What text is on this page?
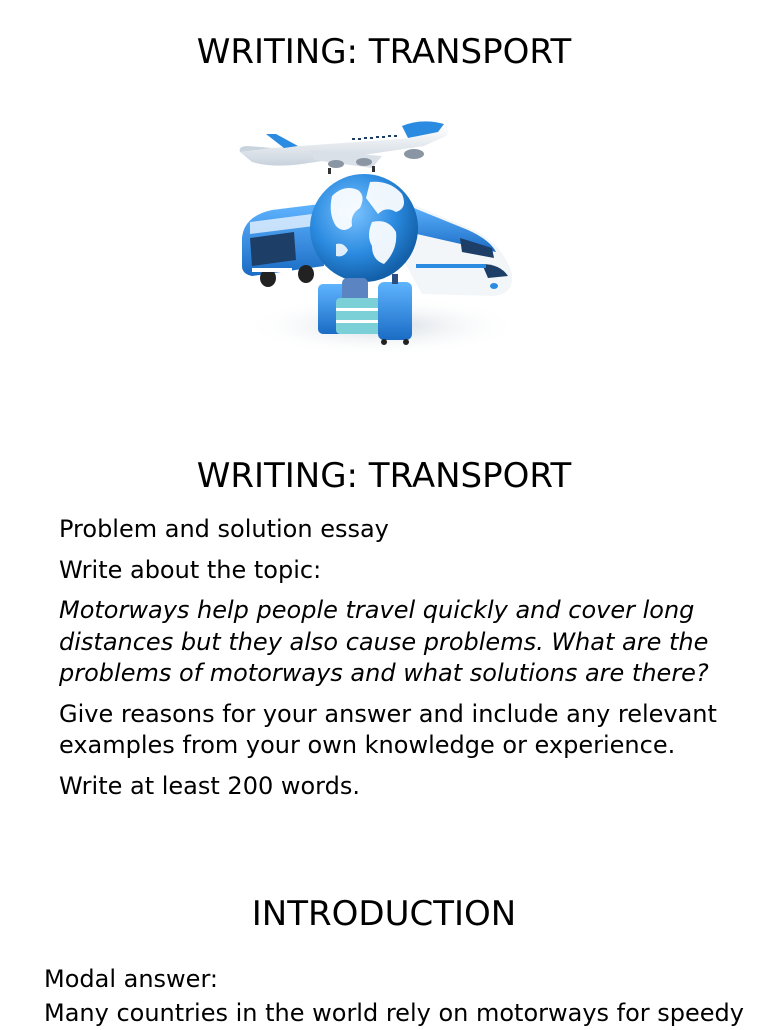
WRITING: TRANSPORT
WRITING: TRANSPORT

Problem and solution essay

Write about the topic:

Motorways help people travel quickly and cover long distances but they also cause problems. What are the problems of motorways and what solutions are there?

Give reasons for your answer and include any relevant examples from your own knowledge or experience.

Write at least 200 words.

INTRODUCTION

Modal answer:

Many countries in the world rely on motorways for speedy
